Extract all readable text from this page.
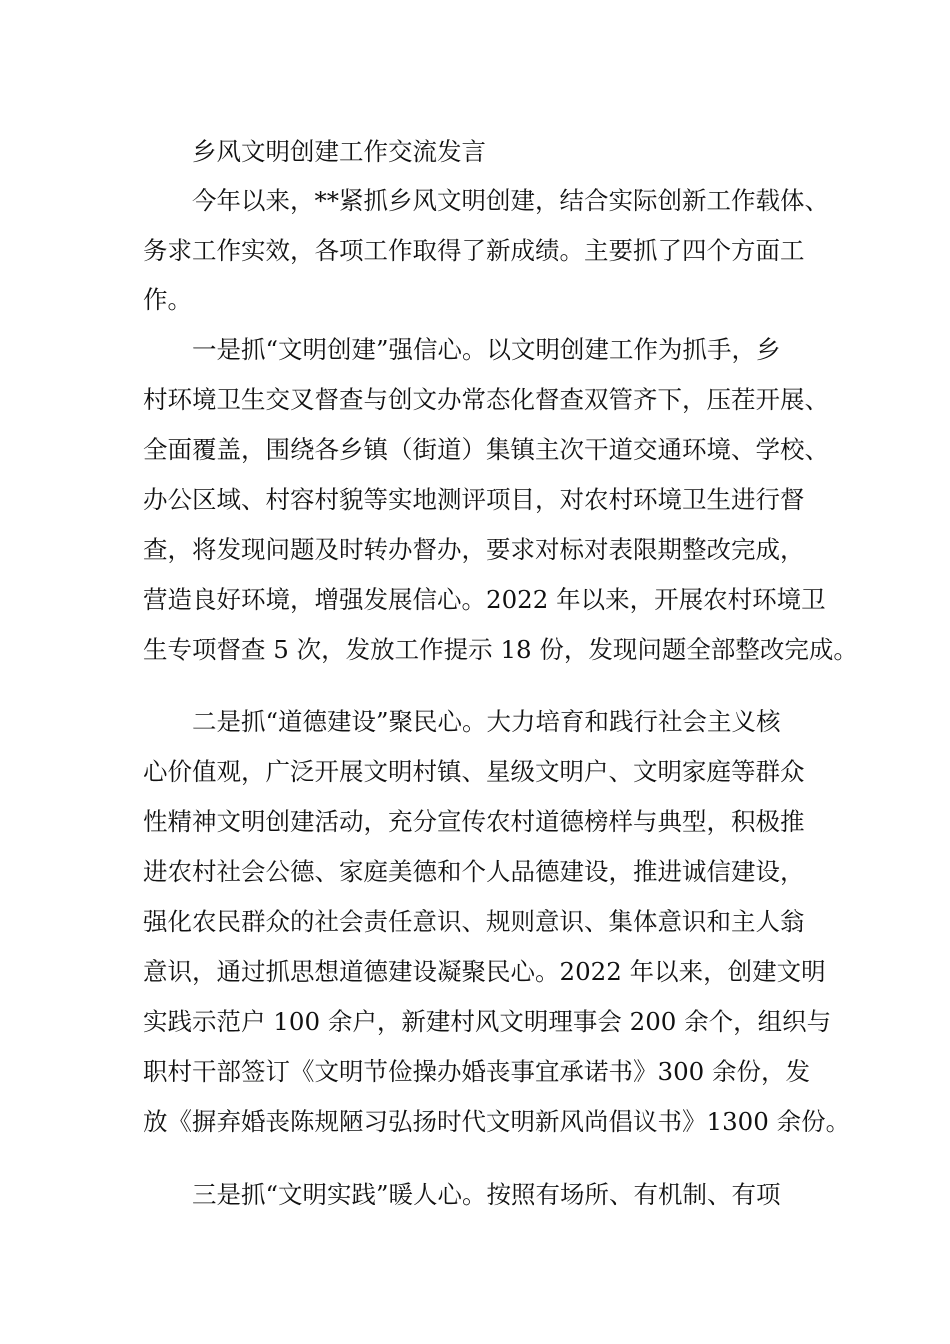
乡风文明创建工作交流发言

今年以来，**紧抓乡风文明创建，结合实际创新工作载体、

务求工作实效，各项工作取得了新成绩。主要抓了四个方面工

作。

一是抓“文明创建”强信心。以文明创建工作为抓手，乡

村环境卫生交叉督查与创文办常态化督查双管齐下，压茬开展、

全面覆盖，围绕各乡镇（街道）集镇主次干道交通环境、学校、

办公区域、村容村貌等实地测评项目，对农村环境卫生进行督

查，将发现问题及时转办督办，要求对标对表限期整改完成，

营造良好环境，增强发展信心。2022 年以来，开展农村环境卫

生专项督查 5 次，发放工作提示 18 份，发现问题全部整改完成。

二是抓“道德建设”聚民心。大力培育和践行社会主义核

心价值观，广泛开展文明村镇、星级文明户、文明家庭等群众

性精神文明创建活动，充分宣传农村道德榜样与典型，积极推

进农村社会公德、家庭美德和个人品德建设，推进诚信建设，

强化农民群众的社会责任意识、规则意识、集体意识和主人翁

意识，通过抓思想道德建设凝聚民心。2022 年以来，创建文明

实践示范户 100 余户，新建村风文明理事会 200 余个，组织与

职村干部签订《文明节俭操办婚丧事宜承诺书》300 余份，发

放《摒弃婚丧陈规陋习弘扬时代文明新风尚倡议书》1300 余份。

三是抓“文明实践”暖人心。按照有场所、有机制、有项
